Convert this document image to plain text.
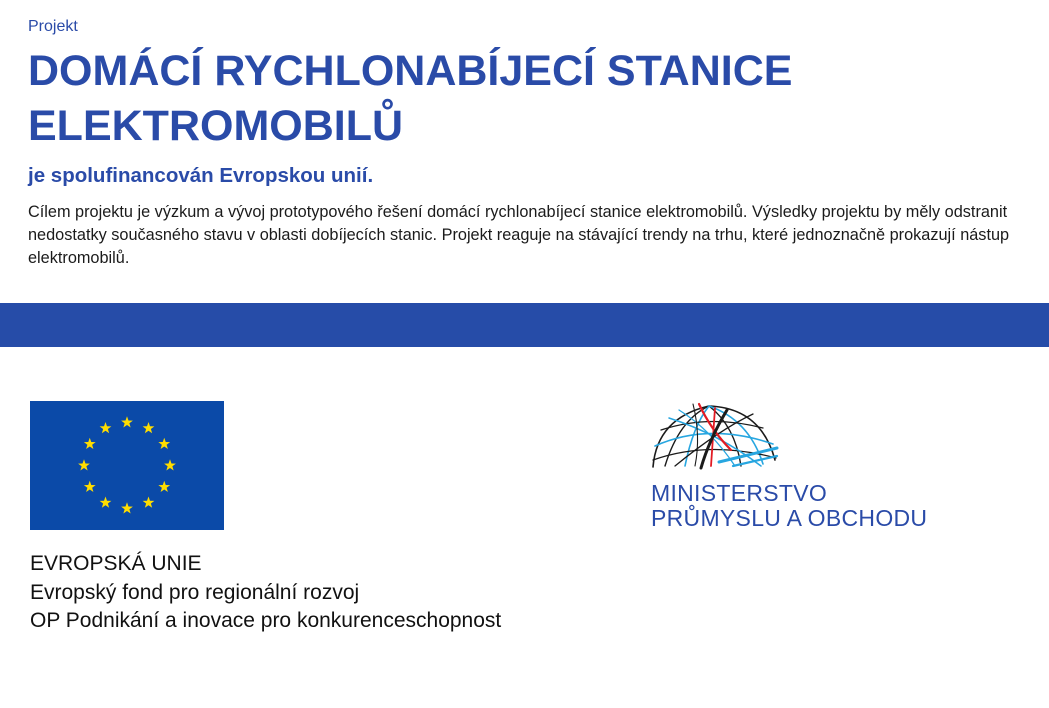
Projekt
DOMÁCÍ RYCHLONABÍJECÍ STANICE ELEKTROMOBILŮ
je spolufinancován Evropskou unií.

Cílem projektu je výzkum a vývoj prototypového řešení domácí rychlonabíjecí stanice elektromobilů. Výsledky projektu by měly odstranit nedostatky současného stavu v oblasti dobíjecích stanic. Projekt reaguje na stávající trendy na trhu, které jednoznačně prokazují nástup elektromobilů.

EVROPSKÁ UNIE
Evropský fond pro regionální rozvoj
OP Podnikání a inovace pro konkurenceschopnost
MINISTERSTVO
PRŮMYSLU A OBCHODU
